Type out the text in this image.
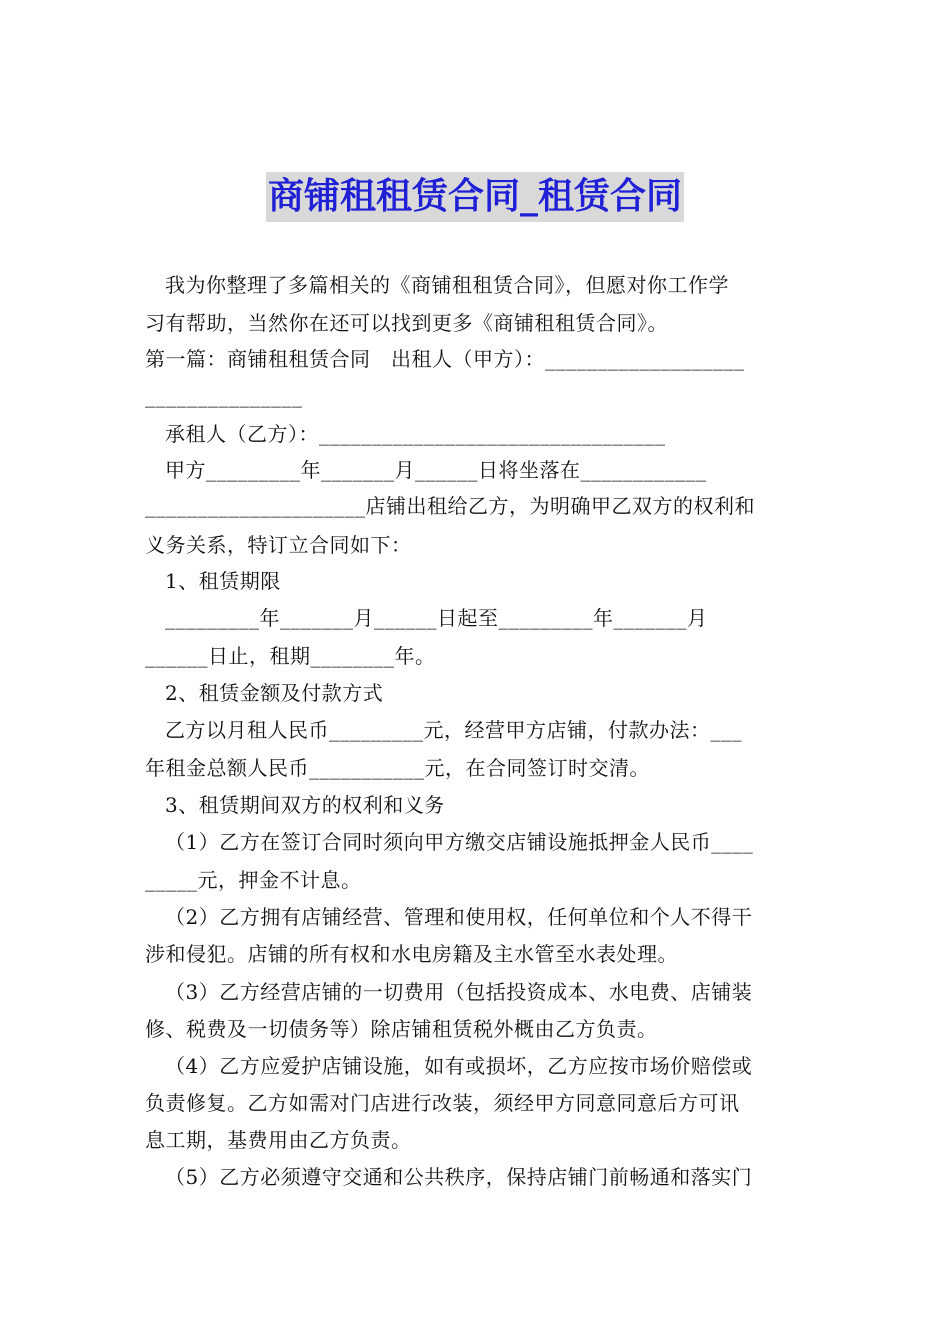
商铺租租赁合同_租赁合同
我为你整理了多篇相关的《商铺租租赁合同》，但愿对你工作学
习有帮助，当然你在还可以找到更多《商铺租租赁合同》。
第一篇：商铺租租赁合同　出租人（甲方）：___________________
_______________
承租人（乙方）：_________________________________
甲方_________年_______月______日将坐落在____________
_____________________店铺出租给乙方，为明确甲乙双方的权利和
义务关系，特订立合同如下：
1、租赁期限
_________年_______月______日起至_________年_______月
______日止，租期________年。
2、租赁金额及付款方式
乙方以月租人民币_________元，经营甲方店铺，付款办法：___
年租金总额人民币___________元，在合同签订时交清。
3、租赁期间双方的权利和义务
（1）乙方在签订合同时须向甲方缴交店铺设施抵押金人民币____
_____元，押金不计息。
（2）乙方拥有店铺经营、管理和使用权，任何单位和个人不得干
涉和侵犯。店铺的所有权和水电房籍及主水管至水表处理。
（3）乙方经营店铺的一切费用（包括投资成本、水电费、店铺装
修、税费及一切债务等）除店铺租赁税外概由乙方负责。
（4）乙方应爱护店铺设施，如有或损坏，乙方应按市场价赔偿或
负责修复。乙方如需对门店进行改装，须经甲方同意同意后方可讯
息工期，基费用由乙方负责。
（5）乙方必须遵守交通和公共秩序，保持店铺门前畅通和落实门
